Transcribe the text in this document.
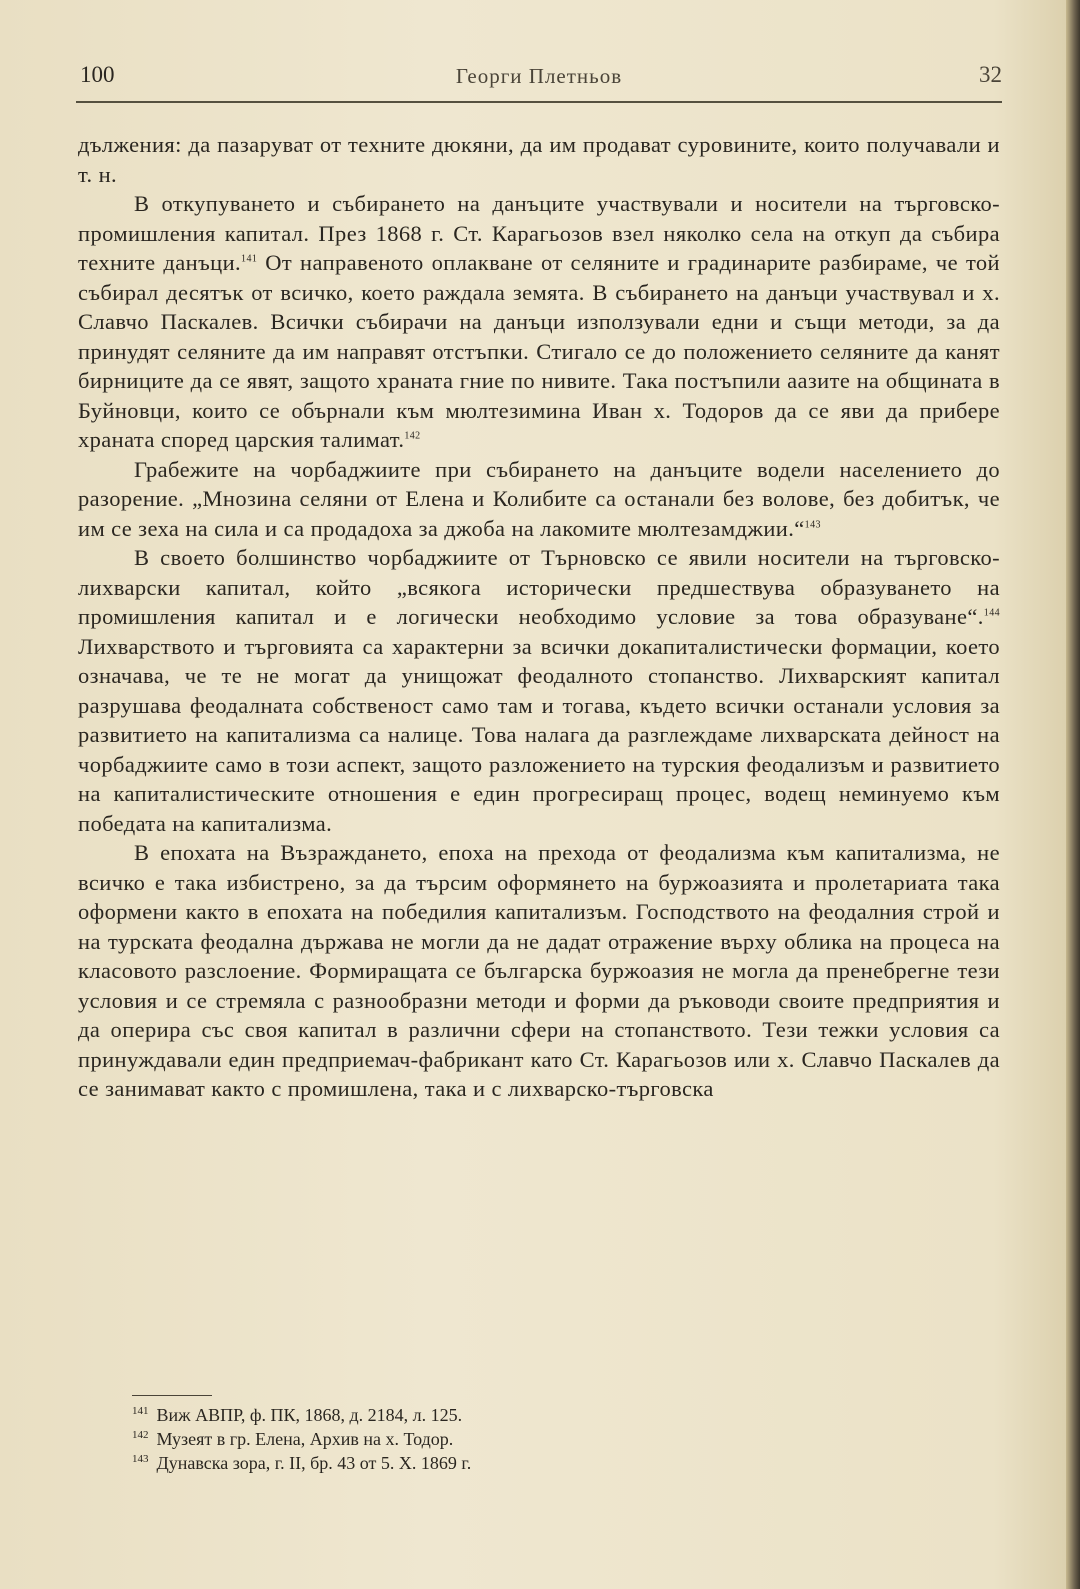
100	Георги Плетньов	32

дължения: да пазаруват от техните дюкяни, да им продават суровините, които получавали и т. н.

В откупуването и събирането на данъците участвували и носители на търговско-промишления капитал. През 1868 г. Ст. Карагьозов взел няколко села на откуп да събира техните данъци.$^{141}$ От направеното оплакване от селяните и градинарите разбираме, че той събирал десятък от всичко, което раждала земята. В събирането на данъци участвувал и х. Славчо Паскалев. Всички събирачи на данъци използували едни и същи методи, за да принудят селяните да им направят отстъпки. Стигало се до положението селяните да канят бирниците да се явят, защото храната гние по нивите. Така постъпили аазите на общината в Буйновци, които се обърнали към мюлтезимина Иван х. Тодоров да се яви да прибере храната според царския талимат.$^{142}$

Грабежите на чорбаджиите при събирането на данъците водели населението до разорение. „Мнозина селяни от Елена и Колибите са останали без волове, без добитък, че им се зеха на сила и са продадоха за джоба на лакомите мюлтезамджии.“$^{143}$

В своето болшинство чорбаджиите от Търновско се явили носители на търговско-лихварски капитал, който „всякога исторически предшествува образуването на промишления капитал и е логически необходимо условие за това образуване“.$^{144}$ Лихварството и търговията са характерни за всички докапиталистически формации, което означава, че те не могат да унищожат феодалното стопанство. Лихварският капитал разрушава феодалната собственост само там и тогава, където всички останали условия за развитието на капитализма са налице. Това налага да разглеждаме лихварската дейност на чорбаджиите само в този аспект, защото разложението на турския феодализъм и развитието на капиталистическите отношения е един прогресиращ процес, водещ неминуемо към победата на капитализма.

В епохата на Възраждането, епоха на прехода от феодализма към капитализма, не всичко е така избистрено, за да търсим оформянето на буржоазията и пролетариата така оформени както в епохата на победилия капитализъм. Господството на феодалния строй и на турската феодална държава не могли да не дадат отражение върху облика на процеса на класовото разслоение. Формиращата се българска буржоазия не могла да пренебрегне тези условия и се стремяла с разнообразни методи и форми да ръководи своите предприятия и да оперира със своя капитал в различни сфери на стопанството. Тези тежки условия са принуждавали един предприемач-фабрикант като Ст. Карагьозов или х. Славчо Паскалев да се занимават както с промишлена, така и с лихварско-търговска

$^{141}$ Виж АВПР, ф. ПК, 1868, д. 2184, л. 125.
$^{142}$ Музеят в гр. Елена, Архив на х. Тодор.
$^{143}$ Дунавска зора, г. II, бр. 43 от 5. X. 1869 г.
